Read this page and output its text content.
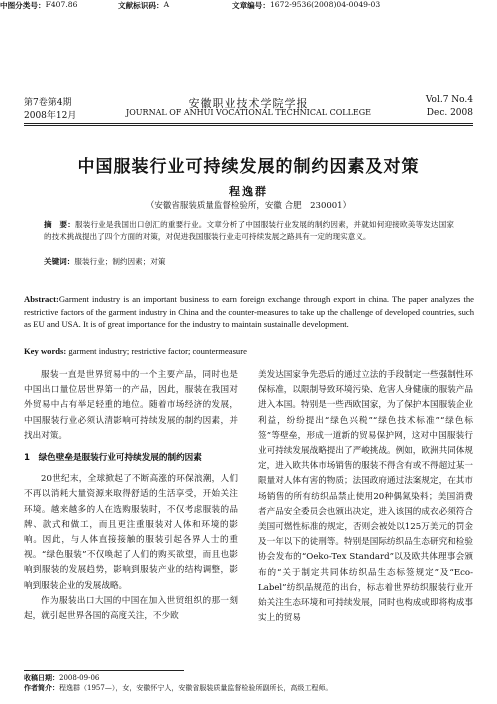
第7卷第4期	安徽职业技术学院学报	Vol.7 No.4
2008年12月	JOURNAL OF ANHUI VOCATIONAL TECHNICAL COLLEGE	Dec. 2008
中国服装行业可持续发展的制约因素及对策
程逸群
（安徽省服装质量监督检验所，安徽 合肥　230001）
摘　要：服装行业是我国出口创汇的重要行业。文章分析了中国服装行业发展的制约因素，并就如何迎接欧美等发达国家的技术挑战提出了四个方面的对策，对促进我国服装行业走可持续发展之路具有一定的现实意义。
关键词：服装行业；制约因素；对策
中图分类号： F407.86	文献标识码： A	文章编号： 1672-9536(2008)04-0049-03
Abstract:Garment industry is an important business to earn foreign exchange through export in china. The paper analyzes the restrictive factors of the garment industry in China and the counter-measures to take up the challenge of developed countries, such as EU and USA. It is of great importance for the industry to maintain sustainalle development.
Key words: garment industry; restrictive factor; countermeasure

服装一直是世界贸易中的一个主要产品，同时也是中国出口量位居世界第一的产品，因此，服装在我国对外贸易中占有举足轻重的地位。随着市场经济的发展，中国服装行业必须认清影响可持续发展的制约因素，并找出对策。

1　绿色壁垒是服装行业可持续发展的制约因素

20世纪末，全球掀起了不断高涨的环保浪潮，人们不再以消耗大量资源来取得舒适的生活享受，开始关注环境。越来越多的人在选购服装时，不仅考虑服装的品牌、款式和做工，而且更注重服装对人体和环境的影响。因此，与人体直接接触的服装引起各界人士的重视。“绿色服装”不仅唤起了人们的购买欲望，而且也影响到服装的发展趋势，影响到服装产业的结构调整，影响到服装企业的发展战略。

作为服装出口大国的中国在加入世贸组织的那一刻起，就引起世界各国的高度关注，不少欧

美发达国家争先恐后的通过立法的手段制定一些强制性环保标准，以限制导致环境污染、危害人身健康的服装产品进入本国。特别是一些西欧国家，为了保护本国服装企业利益，纷纷提出“绿色兴税”“绿色技术标准”“绿色标签”等壁垒，形成一道新的贸易保护网，这对中国服装行业可持续发展战略提出了严峻挑战。例如，欧洲共同体规定，进入欧共体市场销售的服装不得含有或不得超过某一限量对人体有害的物质；法国政府通过法案规定，在其市场销售的所有纺织品禁止使用20种偶氮染料；美国消费者产品安全委员会也颁出决定，进入该国的成衣必须符合美国可燃性标准的规定，否则会被处以125万美元的罚金及一年以下的徒刑等。特别是国际纺织品生态研究和检验协会发布的“Oeko-Tex Standard”以及欧共体理事会颁布的“关于制定共同体纺织品生态标签规定”及“Eco-Label”纺织品规范的出台，标志着世界纺织服装行业开始关注生态环境和可持续发展，同时也构成或即将构成事实上的贸易

收稿日期：2008-09-06
作者简介：程逸群（1957—），女，安徽怀宁人，安徽省服装质量监督检验所副所长，高级工程师。
